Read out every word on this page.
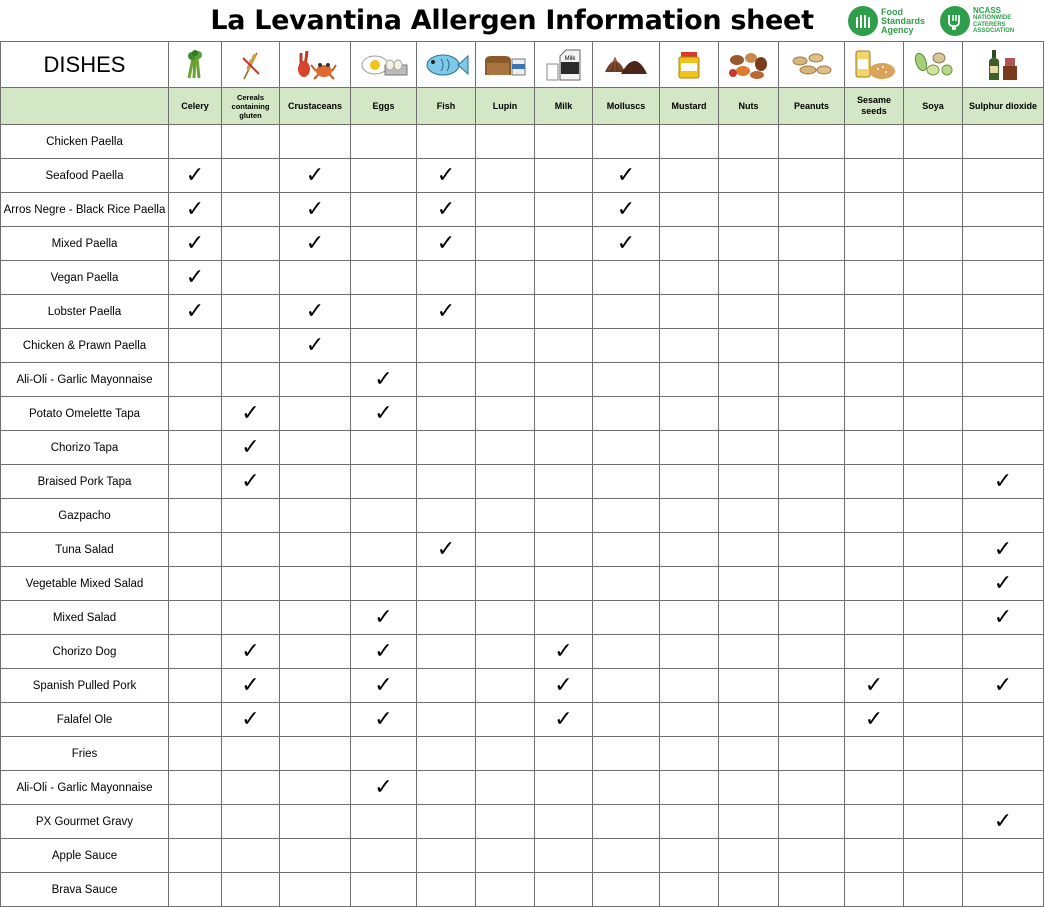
La Levantina Allergen Information sheet	Food
Standards
Agency
NCASS
NATIONWIDE
CATERERS
ASSOCIATION
DISHES							Milk

	Celery	Cereals containing gluten	Crustaceans	Eggs	Fish	Lupin	Milk	Molluscs	Mustard	Nuts	Peanuts	Sesame seeds	Soya	Sulphur dioxide
Chicken Paella														
Seafood Paella	✓		✓		✓			✓						
Arros Negre - Black Rice Paella	✓		✓		✓			✓						
Mixed Paella	✓		✓		✓			✓						
Vegan Paella	✓													
Lobster Paella	✓		✓		✓									
Chicken & Prawn Paella			✓											
Ali-Oli - Garlic Mayonnaise				✓										
Potato Omelette Tapa		✓		✓										
Chorizo Tapa		✓												
Braised Pork Tapa		✓												✓
Gazpacho														
Tuna Salad					✓									✓
Vegetable Mixed Salad														✓
Mixed Salad				✓										✓
Chorizo Dog		✓		✓			✓							
Spanish Pulled Pork		✓		✓			✓					✓		✓
Falafel Ole		✓		✓			✓					✓		
Fries														
Ali-Oli - Garlic Mayonnaise				✓										
PX Gourmet Gravy														✓
Apple Sauce														
Brava Sauce														
